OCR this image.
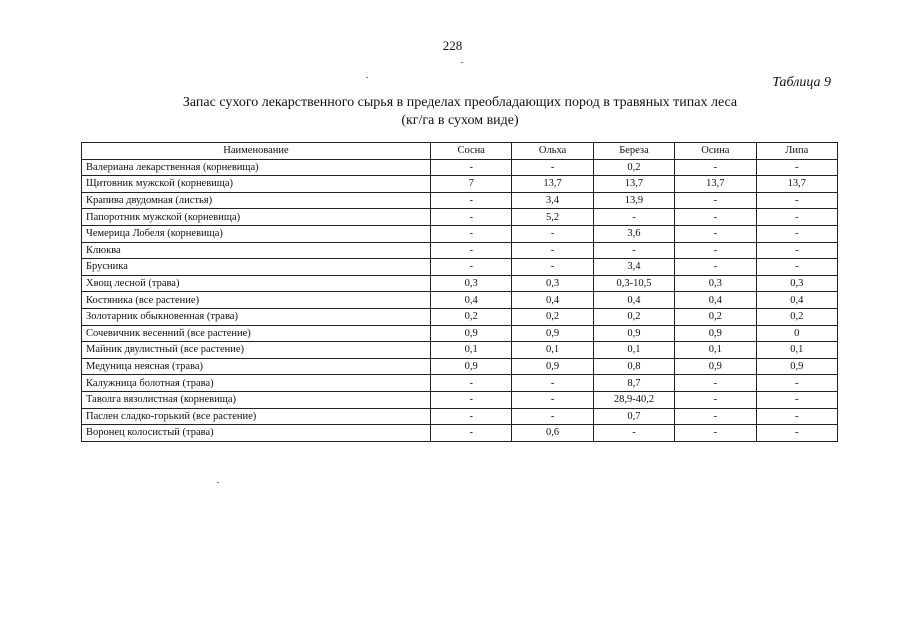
228
Таблица 9
Запас сухого лекарственного сырья в пределах преобладающих пород в травяных типах леса
(кг/га в сухом виде)
Наименование	Сосна	Ольха	Береза	Осина	Липа
Валериана лекарственная (корневища)	-	-	0,2	-	-
Щитовник мужской (корневища)	7	13,7	13,7	13,7	13,7
Крапива двудомная (листья)	-	3,4	13,9	-	-
Папоротник мужской (корневища)	-	5,2	-	-	-
Чемерица Лобеля (корневища)	-	-	3,6	-	-
Клюква	-	-	-	-	-
Брусника	-	-	3,4	-	-
Хвощ лесной (трава)	0,3	0,3	0,3-10,5	0,3	0,3
Костяника (все растение)	0,4	0,4	0,4	0,4	0,4
Золотарник обыкновенная (трава)	0,2	0,2	0,2	0,2	0,2
Сочевичник весенний (все растение)	0,9	0,9	0,9	0,9	0
Майник двулистный (все растение)	0,1	0,1	0,1	0,1	0,1
Медуница неясная (трава)	0,9	0,9	0,8	0,9	0,9
Калужница болотная (трава)	-	-	8,7	-	-
Таволга вязолистная (корневища)	-	-	28,9-40,2	-	-
Паслен сладко-горький (все растение)	-	-	0,7	-	-
Воронец колосистый (трава)	-	0,6	-	-	-
